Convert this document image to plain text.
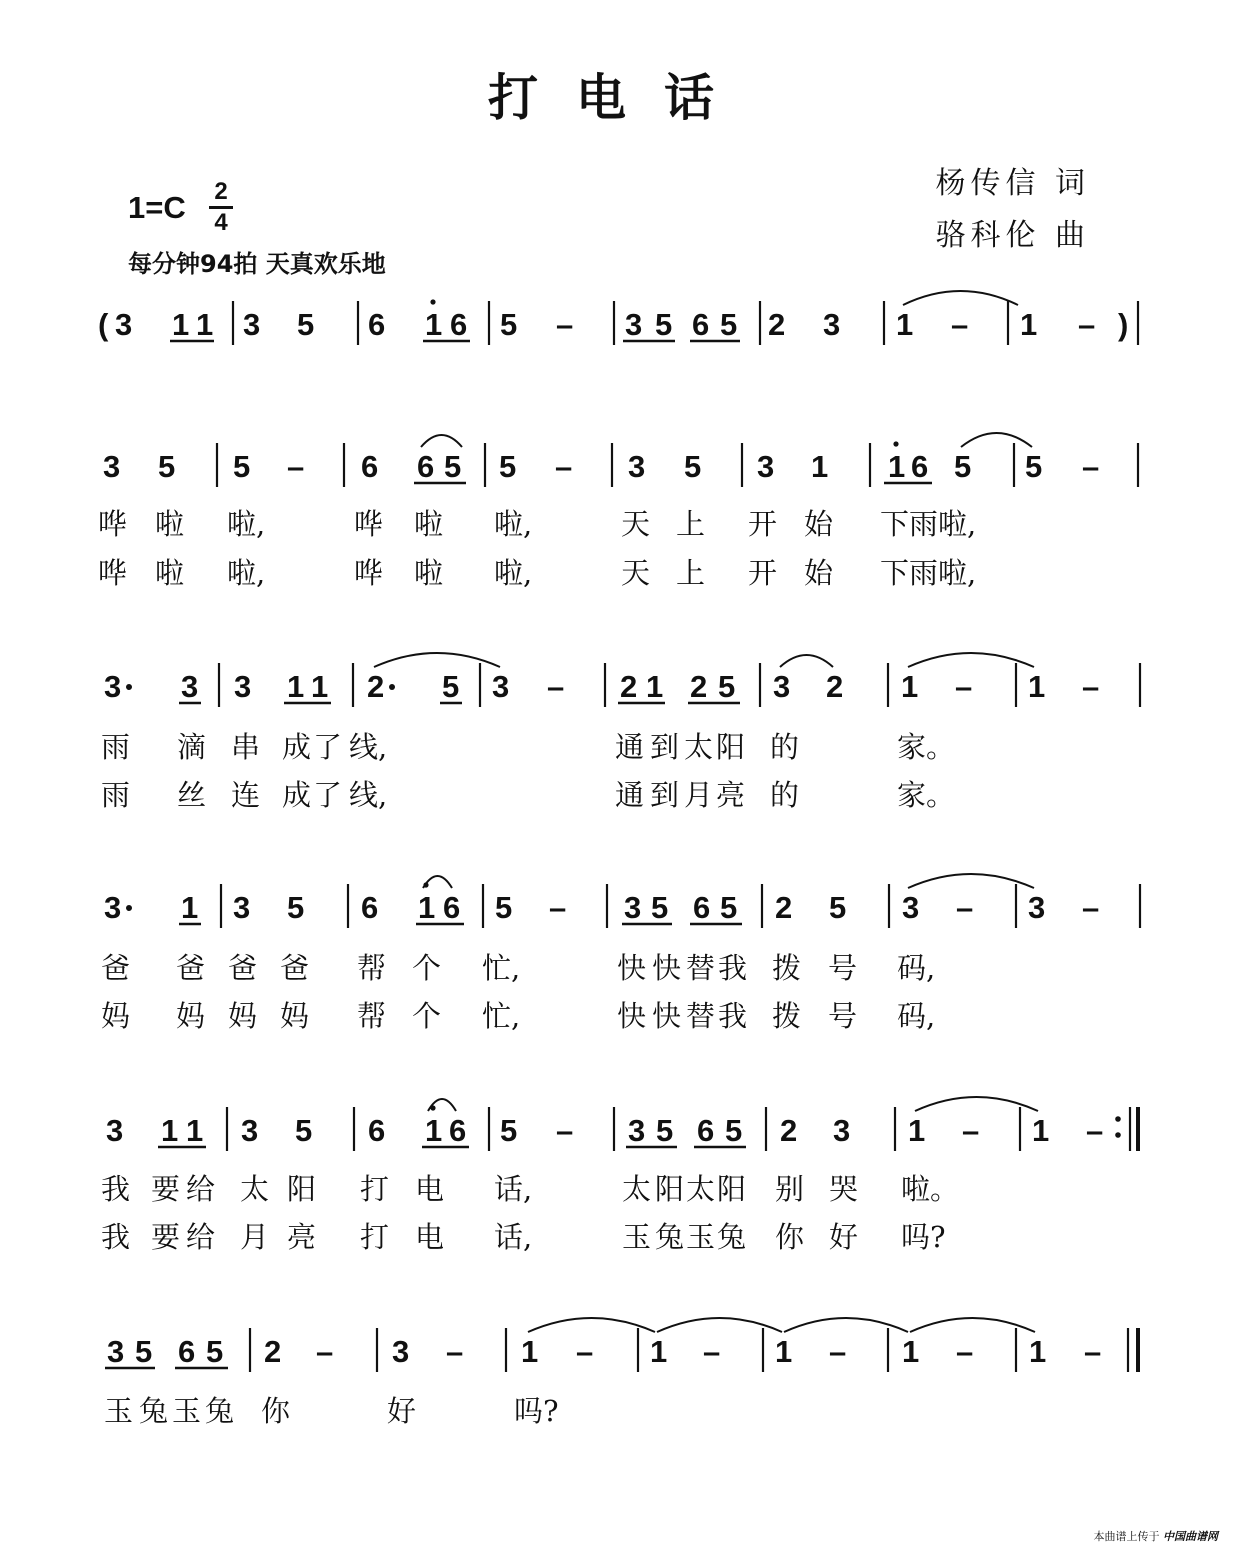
打电话
杨传信 词
骆科伦 曲
1=C	2
4
每分钟94拍 天真欢乐地
( 3 1 1 3 5 6 1 6 5 – 3 5 6 5 2 3 1 – 1 – )
3 5 5 – 6 6 5 5 – 3 5 3 1 1 6 5 5 –
哗 啦 啦,	哗 啦 啦,	天 上 开 始 下雨啦,
哗 啦 啦,	哗 啦 啦,	天 上 开 始 下雨啦,
3 3 3 1 1 2 5 3 – 2 1 2 5 3 2 1 – 1 –
雨 滴 串 成 了 线,	通 到 太 阳 的	家。
雨 丝 连 成 了 线,	通 到 月 亮 的	家。
3 1 3 5 6 1 6 5 – 3 5 6 5 2 5 3 – 3 –
爸 爸 爸 爸 帮 个 忙,	快 快 替 我 拨 号 码,
妈 妈 妈 妈 帮 个 忙,	快 快 替 我 拨 号 码,
3 1 1 3 5 6 1 6 5 – 3 5 6 5 2 3 1 – 1 –
我 要 给 太 阳 打 电 话,	太 阳 太 阳 别 哭 啦。
我 要 给 月 亮 打 电 话,	玉 兔 玉 兔 你 好 吗?
3 5 6 5 2 – 3 – 1 – 1 – 1 – 1 – 1 –
玉 兔 玉 兔 你	好	吗?
本曲谱上传于 中国曲谱网
